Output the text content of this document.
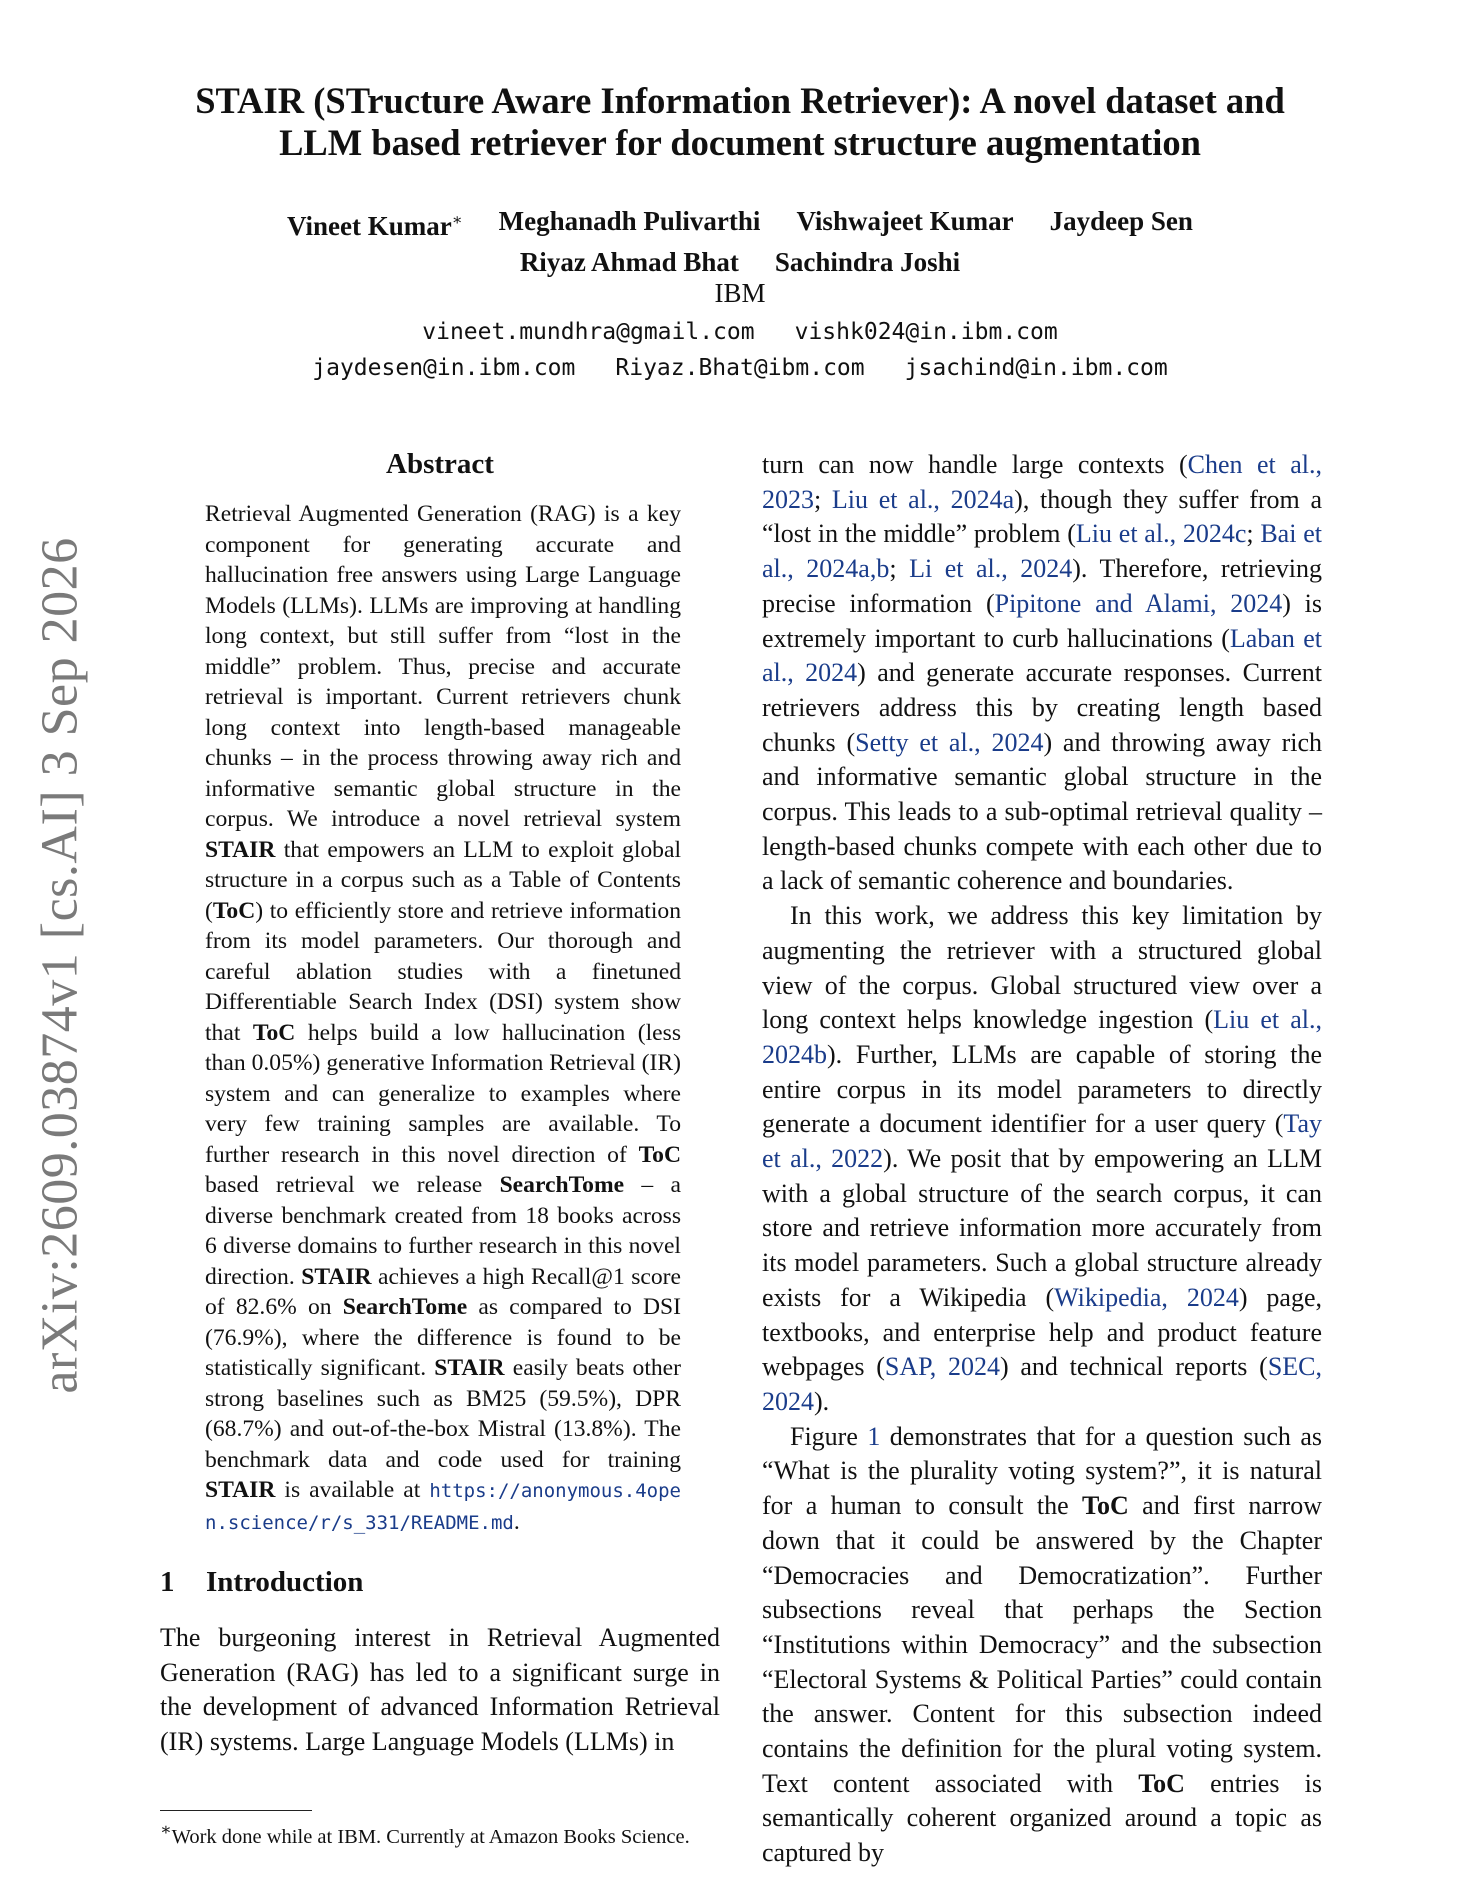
arXiv:2609.03874v1 [cs.AI] 3 Sep 2026
STAIR (STructure Aware Information Retriever): A novel dataset and
LLM based retriever for document structure augmentation
Vineet Kumar∗ Meghanadh Pulivarthi Vishwajeet Kumar Jaydeep Sen
Riyaz Ahmad Bhat Sachindra Joshi
IBM
vineet.mundhra@gmail.com vishk024@in.ibm.com
jaydesen@in.ibm.com Riyaz.Bhat@ibm.com jsachind@in.ibm.com
Abstract
Retrieval Augmented Generation (RAG) is a key component for generating accurate and hallucination free answers using Large Language Models (LLMs). LLMs are improving at handling long context, but still suffer from “lost in the middle” problem. Thus, precise and accurate retrieval is important. Current retrievers chunk long context into length-based manageable chunks – in the process throwing away rich and informative semantic global structure in the corpus. We introduce a novel retrieval system STAIR that empowers an LLM to exploit global structure in a corpus such as a Table of Contents (ToC) to efficiently store and retrieve information from its model parameters. Our thorough and careful ablation studies with a finetuned Differentiable Search Index (DSI) system show that ToC helps build a low hallucination (less than 0.05%) generative Information Retrieval (IR) system and can generalize to examples where very few training samples are available. To further research in this novel direction of ToC based retrieval we release SearchTome – a diverse benchmark created from 18 books across 6 diverse domains to further research in this novel direction. STAIR achieves a high Recall@1 score of 82.6% on SearchTome as compared to DSI (76.9%), where the difference is found to be statistically significant. STAIR easily beats other strong baselines such as BM25 (59.5%), DPR (68.7%) and out-of-the-box Mistral (13.8%). The benchmark data and code used for training STAIR is available at https://anonymous.4open.science/r/s_331/README.md.
1 Introduction
The burgeoning interest in Retrieval Augmented Generation (RAG) has led to a significant surge in the development of advanced Information Retrieval (IR) systems. Large Language Models (LLMs) in
∗Work done while at IBM. Currently at Amazon Books Science.

turn can now handle large contexts (Chen et al., 2023; Liu et al., 2024a), though they suffer from a “lost in the middle” problem (Liu et al., 2024c; Bai et al., 2024a,b; Li et al., 2024). Therefore, retrieving precise information (Pipitone and Alami, 2024) is extremely important to curb hallucinations (Laban et al., 2024) and generate accurate responses. Current retrievers address this by creating length based chunks (Setty et al., 2024) and throwing away rich and informative semantic global structure in the corpus. This leads to a sub-optimal retrieval quality – length-based chunks compete with each other due to a lack of semantic coherence and boundaries.

In this work, we address this key limitation by augmenting the retriever with a structured global view of the corpus. Global structured view over a long context helps knowledge ingestion (Liu et al., 2024b). Further, LLMs are capable of storing the entire corpus in its model parameters to directly generate a document identifier for a user query (Tay et al., 2022). We posit that by empowering an LLM with a global structure of the search corpus, it can store and retrieve information more accurately from its model parameters. Such a global structure already exists for a Wikipedia (Wikipedia, 2024) page, textbooks, and enterprise help and product feature webpages (SAP, 2024) and technical reports (SEC, 2024).

Figure 1 demonstrates that for a question such as “What is the plurality voting system?”, it is natural for a human to consult the ToC and first narrow down that it could be answered by the Chapter “Democracies and Democratization”. Further subsections reveal that perhaps the Section “Institutions within Democracy” and the subsection “Electoral Systems & Political Parties” could contain the answer. Content for this subsection indeed contains the definition for the plural voting system. Text content associated with ToC entries is semantically coherent organized around a topic as captured by
